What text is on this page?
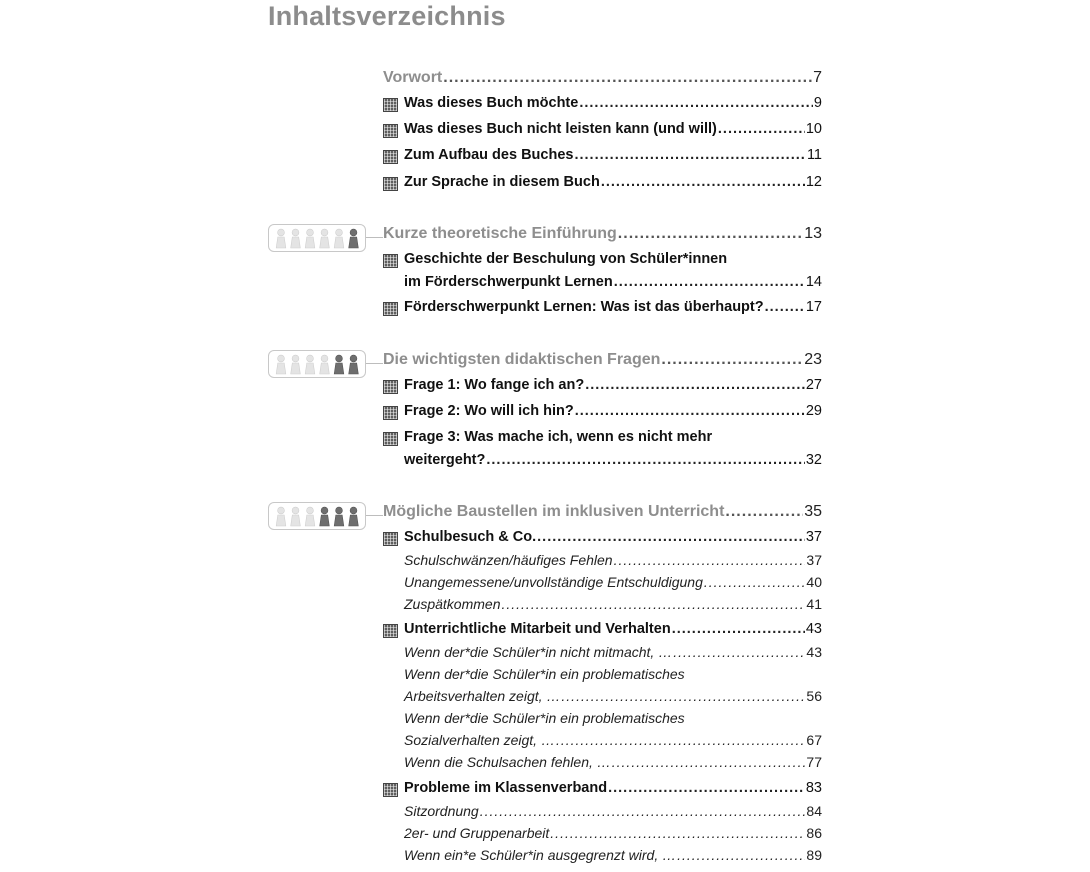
Inhaltsverzeichnis
Vorwort .....	7
Was dieses Buch möchte .....	9
Was dieses Buch nicht leisten kann (und will) .....	10
Zum Aufbau des Buches .....	11
Zur Sprache in diesem Buch .....	12
Kurze theoretische Einführung .....	13
Geschichte der Beschulung von Schüler*innen
im Förderschwerpunkt Lernen .....	14
Förderschwerpunkt Lernen: Was ist das überhaupt? .....	17
Die wichtigsten didaktischen Fragen .....	23
Frage 1: Wo fange ich an? .....	27
Frage 2: Wo will ich hin? .....	29
Frage 3: Was mache ich, wenn es nicht mehr
weitergeht? .....	32
Mögliche Baustellen im inklusiven Unterricht .....	35
Schulbesuch & Co. .....	37
Schulschwänzen/häufiges Fehlen .....	37
Unangemessene/unvollständige Entschuldigung .....	40
Zuspätkommen .....	41
Unterrichtliche Mitarbeit und Verhalten .....	43
Wenn der*die Schüler*in nicht mitmacht, … .....	43
Wenn der*die Schüler*in ein problematisches
Arbeitsverhalten zeigt, … .....	56
Wenn der*die Schüler*in ein problematisches
Sozialverhalten zeigt, … .....	67
Wenn die Schulsachen fehlen, … .....	77
Probleme im Klassenverband .....	83
Sitzordnung .....	84
2er- und Gruppenarbeit .....	86
Wenn ein*e Schüler*in ausgegrenzt wird, … .....	89
